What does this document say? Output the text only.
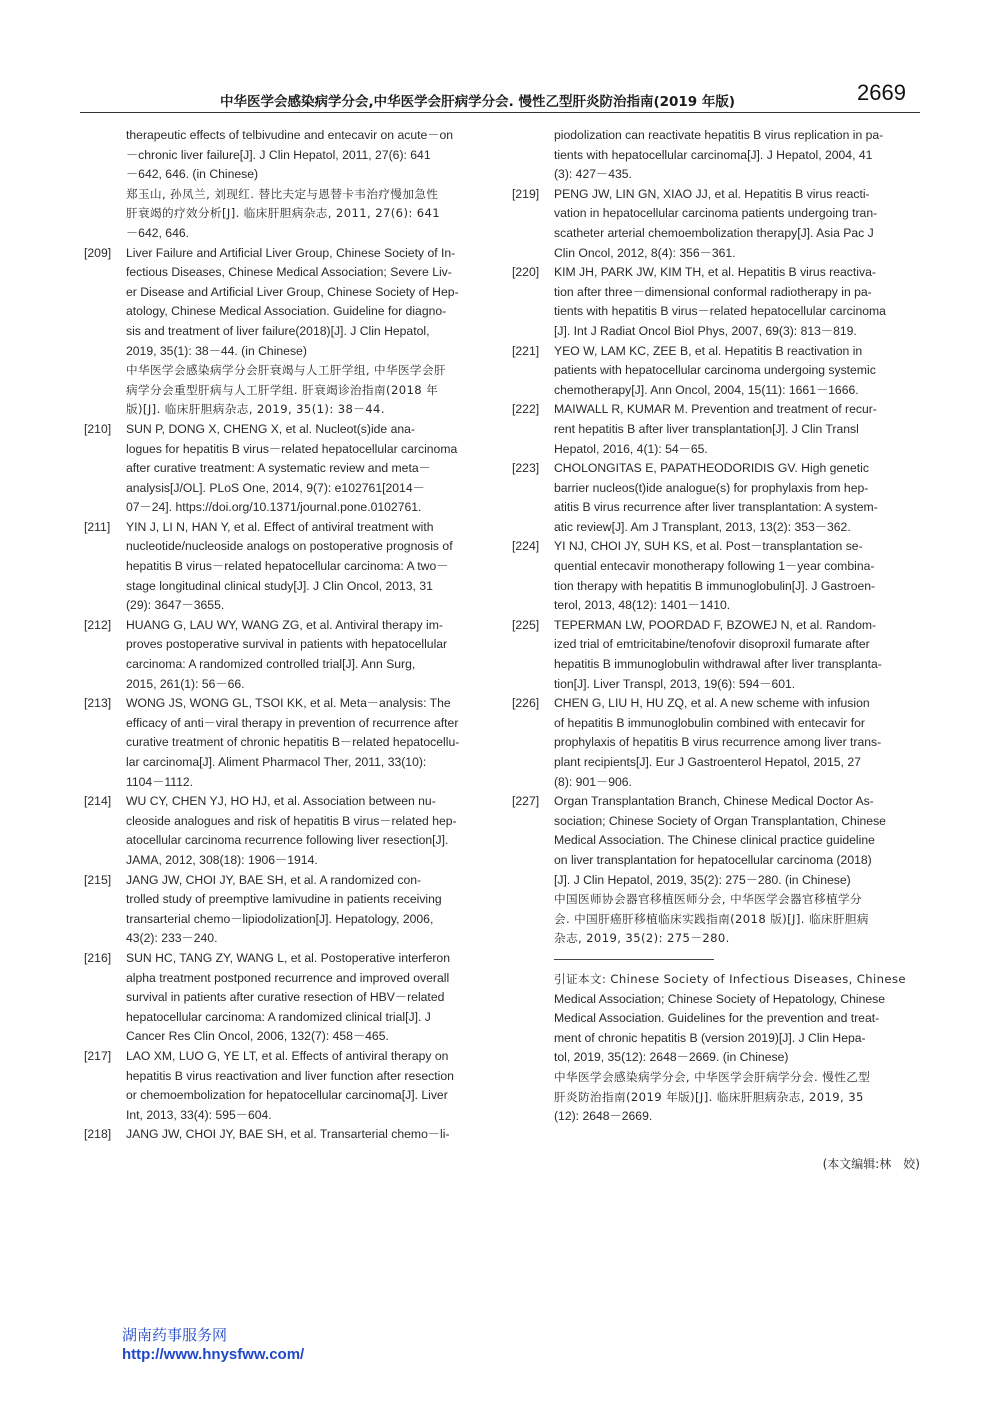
中华医学会感染病学分会,中华医学会肝病学分会. 慢性乙型肝炎防治指南(2019 年版)	2669
therapeutic effects of telbivudine and entecavir on acute－on
－chronic liver failure[J]. J Clin Hepatol, 2011, 27(6): 641
－642, 646. (in Chinese)
郑玉山, 孙凤兰, 刘现红. 替比夫定与恩替卡韦治疗慢加急性
肝衰竭的疗效分析[J]. 临床肝胆病杂志, 2011, 27(6): 641
－642, 646.
[209]	Liver Failure and Artificial Liver Group, Chinese Society of In-
fectious Diseases, Chinese Medical Association; Severe Liv-
er Disease and Artificial Liver Group, Chinese Society of Hep-
atology, Chinese Medical Association. Guideline for diagno-
sis and treatment of liver failure(2018)[J]. J Clin Hepatol,
2019, 35(1): 38－44. (in Chinese)
中华医学会感染病学分会肝衰竭与人工肝学组, 中华医学会肝
病学分会重型肝病与人工肝学组. 肝衰竭诊治指南(2018 年
版)[J]. 临床肝胆病杂志, 2019, 35(1): 38－44.
[210]	SUN P, DONG X, CHENG X, et al. Nucleot(s)ide ana-
logues for hepatitis B virus－related hepatocellular carcinoma
after curative treatment: A systematic review and meta－
analysis[J/OL]. PLoS One, 2014, 9(7): e102761[2014－
07－24]. https://doi.org/10.1371/journal.pone.0102761.
[211]	YIN J, LI N, HAN Y, et al. Effect of antiviral treatment with
nucleotide/nucleoside analogs on postoperative prognosis of
hepatitis B virus－related hepatocellular carcinoma: A two－
stage longitudinal clinical study[J]. J Clin Oncol, 2013, 31
(29): 3647－3655.
[212]	HUANG G, LAU WY, WANG ZG, et al. Antiviral therapy im-
proves postoperative survival in patients with hepatocellular
carcinoma: A randomized controlled trial[J]. Ann Surg,
2015, 261(1): 56－66.
[213]	WONG JS, WONG GL, TSOI KK, et al. Meta－analysis: The
efficacy of anti－viral therapy in prevention of recurrence after
curative treatment of chronic hepatitis B－related hepatocellu-
lar carcinoma[J]. Aliment Pharmacol Ther, 2011, 33(10):
1104－1112.
[214]	WU CY, CHEN YJ, HO HJ, et al. Association between nu-
cleoside analogues and risk of hepatitis B virus－related hep-
atocellular carcinoma recurrence following liver resection[J].
JAMA, 2012, 308(18): 1906－1914.
[215]	JANG JW, CHOI JY, BAE SH, et al. A randomized con-
trolled study of preemptive lamivudine in patients receiving
transarterial chemo－lipiodolization[J]. Hepatology, 2006,
43(2): 233－240.
[216]	SUN HC, TANG ZY, WANG L, et al. Postoperative interferon
alpha treatment postponed recurrence and improved overall
survival in patients after curative resection of HBV－related
hepatocellular carcinoma: A randomized clinical trial[J]. J
Cancer Res Clin Oncol, 2006, 132(7): 458－465.
[217]	LAO XM, LUO G, YE LT, et al. Effects of antiviral therapy on
hepatitis B virus reactivation and liver function after resection
or chemoembolization for hepatocellular carcinoma[J]. Liver
Int, 2013, 33(4): 595－604.
[218]	JANG JW, CHOI JY, BAE SH, et al. Transarterial chemo－li-
piodolization can reactivate hepatitis B virus replication in pa-
tients with hepatocellular carcinoma[J]. J Hepatol, 2004, 41
(3): 427－435.
[219]	PENG JW, LIN GN, XIAO JJ, et al. Hepatitis B virus reacti-
vation in hepatocellular carcinoma patients undergoing tran-
scatheter arterial chemoembolization therapy[J]. Asia Pac J
Clin Oncol, 2012, 8(4): 356－361.
[220]	KIM JH, PARK JW, KIM TH, et al. Hepatitis B virus reactiva-
tion after three－dimensional conformal radiotherapy in pa-
tients with hepatitis B virus－related hepatocellular carcinoma
[J]. Int J Radiat Oncol Biol Phys, 2007, 69(3): 813－819.
[221]	YEO W, LAM KC, ZEE B, et al. Hepatitis B reactivation in
patients with hepatocellular carcinoma undergoing systemic
chemotherapy[J]. Ann Oncol, 2004, 15(11): 1661－1666.
[222]	MAIWALL R, KUMAR M. Prevention and treatment of recur-
rent hepatitis B after liver transplantation[J]. J Clin Transl
Hepatol, 2016, 4(1): 54－65.
[223]	CHOLONGITAS E, PAPATHEODORIDIS GV. High genetic
barrier nucleos(t)ide analogue(s) for prophylaxis from hep-
atitis B virus recurrence after liver transplantation: A system-
atic review[J]. Am J Transplant, 2013, 13(2): 353－362.
[224]	YI NJ, CHOI JY, SUH KS, et al. Post－transplantation se-
quential entecavir monotherapy following 1－year combina-
tion therapy with hepatitis B immunoglobulin[J]. J Gastroen-
terol, 2013, 48(12): 1401－1410.
[225]	TEPERMAN LW, POORDAD F, BZOWEJ N, et al. Random-
ized trial of emtricitabine/tenofovir disoproxil fumarate after
hepatitis B immunoglobulin withdrawal after liver transplanta-
tion[J]. Liver Transpl, 2013, 19(6): 594－601.
[226]	CHEN G, LIU H, HU ZQ, et al. A new scheme with infusion
of hepatitis B immunoglobulin combined with entecavir for
prophylaxis of hepatitis B virus recurrence among liver trans-
plant recipients[J]. Eur J Gastroenterol Hepatol, 2015, 27
(8): 901－906.
[227]	Organ Transplantation Branch, Chinese Medical Doctor As-
sociation; Chinese Society of Organ Transplantation, Chinese
Medical Association. The Chinese clinical practice guideline
on liver transplantation for hepatocellular carcinoma (2018)
[J]. J Clin Hepatol, 2019, 35(2): 275－280. (in Chinese)
中国医师协会器官移植医师分会, 中华医学会器官移植学分
会. 中国肝癌肝移植临床实践指南(2018 版)[J]. 临床肝胆病
杂志, 2019, 35(2): 275－280.
引证本文: Chinese Society of Infectious Diseases, Chinese
Medical Association; Chinese Society of Hepatology, Chinese
Medical Association. Guidelines for the prevention and treat-
ment of chronic hepatitis B (version 2019)[J]. J Clin Hepa-
tol, 2019, 35(12): 2648－2669. (in Chinese)
中华医学会感染病学分会, 中华医学会肝病学分会. 慢性乙型
肝炎防治指南(2019 年版)[J]. 临床肝胆病杂志, 2019, 35
(12): 2648－2669.
(本文编辑:林　姣)
湖南药事服务网
http://www.hnysfww.com/
